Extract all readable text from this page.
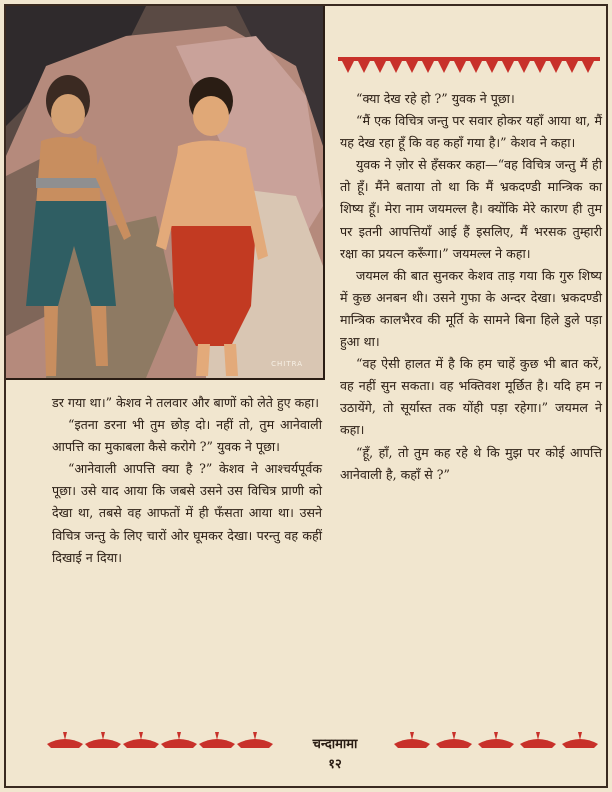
CHITRA

“क्या देख रहे हो ?” युवक ने पूछा।

“मैं एक विचित्र जन्तु पर सवार होकर यहाँ आया था, मैं यह देख रहा हूँ कि वह कहाँ गया है।” केशव ने कहा।

युवक ने ज़ोर से हँसकर कहा—“वह विचित्र जन्तु मैं ही तो हूँ। मैंने बताया तो था कि मैं भ्रकदण्डी मान्त्रिक का शिष्य हूँ। मेरा नाम जयमल्ल है। क्योंकि मेरे कारण ही तुम पर इतनी आपत्तियाँ आई हैं इसलिए, मैं भरसक तुम्हारी रक्षा का प्रयत्न करूँगा।” जयमल्ल ने कहा।

जयमल की बात सुनकर केशव ताड़ गया कि गुरु शिष्य में कुछ अनबन थी। उसने गुफा के अन्दर देखा। भ्रकदण्डी मान्त्रिक कालभैरव की मूर्ति के सामने बिना हिले डुले पड़ा हुआ था।

“वह ऐसी हालत में है कि हम चाहें कुछ भी बात करें, वह नहीं सुन सकता। वह भक्तिवश मूर्छित है। यदि हम न उठायेंगे, तो सूर्यास्त तक योंही पड़ा रहेगा।” जयमल ने कहा।

“हूँ, हाँ, तो तुम कह रहे थे कि मुझ पर कोई आपत्ति आनेवाली है, कहाँ से ?”

डर गया था।” केशव ने तलवार और बाणों को लेते हुए कहा।

“इतना डरना भी तुम छोड़ दो। नहीं तो, तुम आनेवाली आपत्ति का मुकाबला कैसे करोगे ?” युवक ने पूछा।

“आनेवाली आपत्ति क्या है ?” केशव ने आश्चर्यपूर्वक पूछा। उसे याद आया कि जबसे उसने उस विचित्र प्राणी को देखा था, तबसे वह आफतों में ही फँसता आया था। उसने विचित्र जन्तु के लिए चारों ओर घूमकर देखा। परन्तु वह कहीं दिखाई न दिया।

चन्दामामा
१२
